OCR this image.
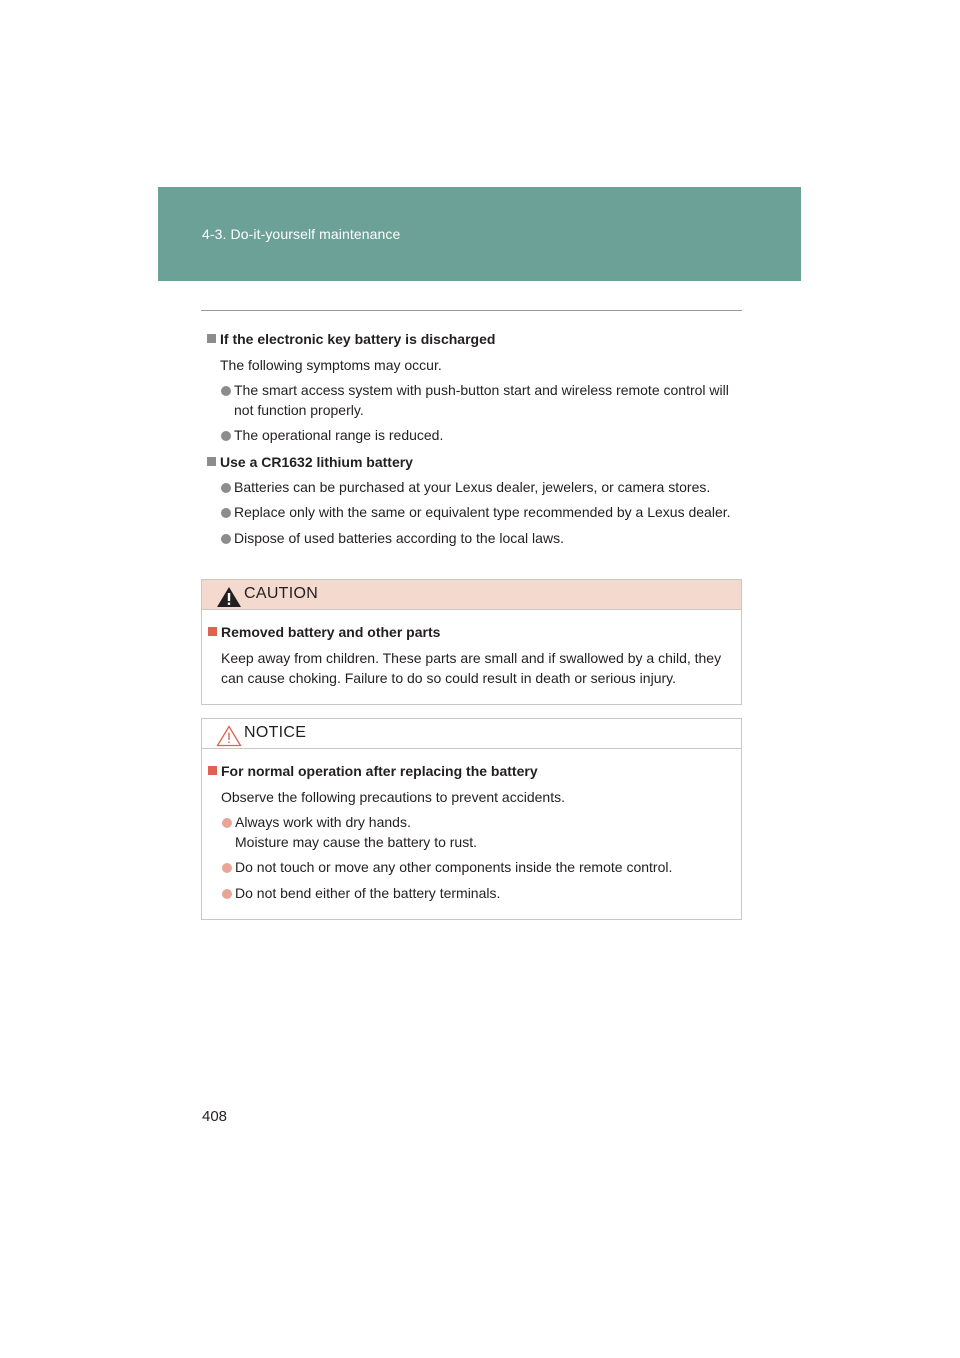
4-3. Do-it-yourself maintenance
If the electronic key battery is discharged
The following symptoms may occur.
The smart access system with push-button start and wireless remote control will not function properly.
The operational range is reduced.
Use a CR1632 lithium battery
Batteries can be purchased at your Lexus dealer, jewelers, or camera stores.
Replace only with the same or equivalent type recommended by a Lexus dealer.
Dispose of used batteries according to the local laws.
CAUTION
Removed battery and other parts
Keep away from children. These parts are small and if swallowed by a child, they can cause choking. Failure to do so could result in death or serious injury.
NOTICE
For normal operation after replacing the battery
Observe the following precautions to prevent accidents.
Always work with dry hands.
Moisture may cause the battery to rust.
Do not touch or move any other components inside the remote control.
Do not bend either of the battery terminals.
408
